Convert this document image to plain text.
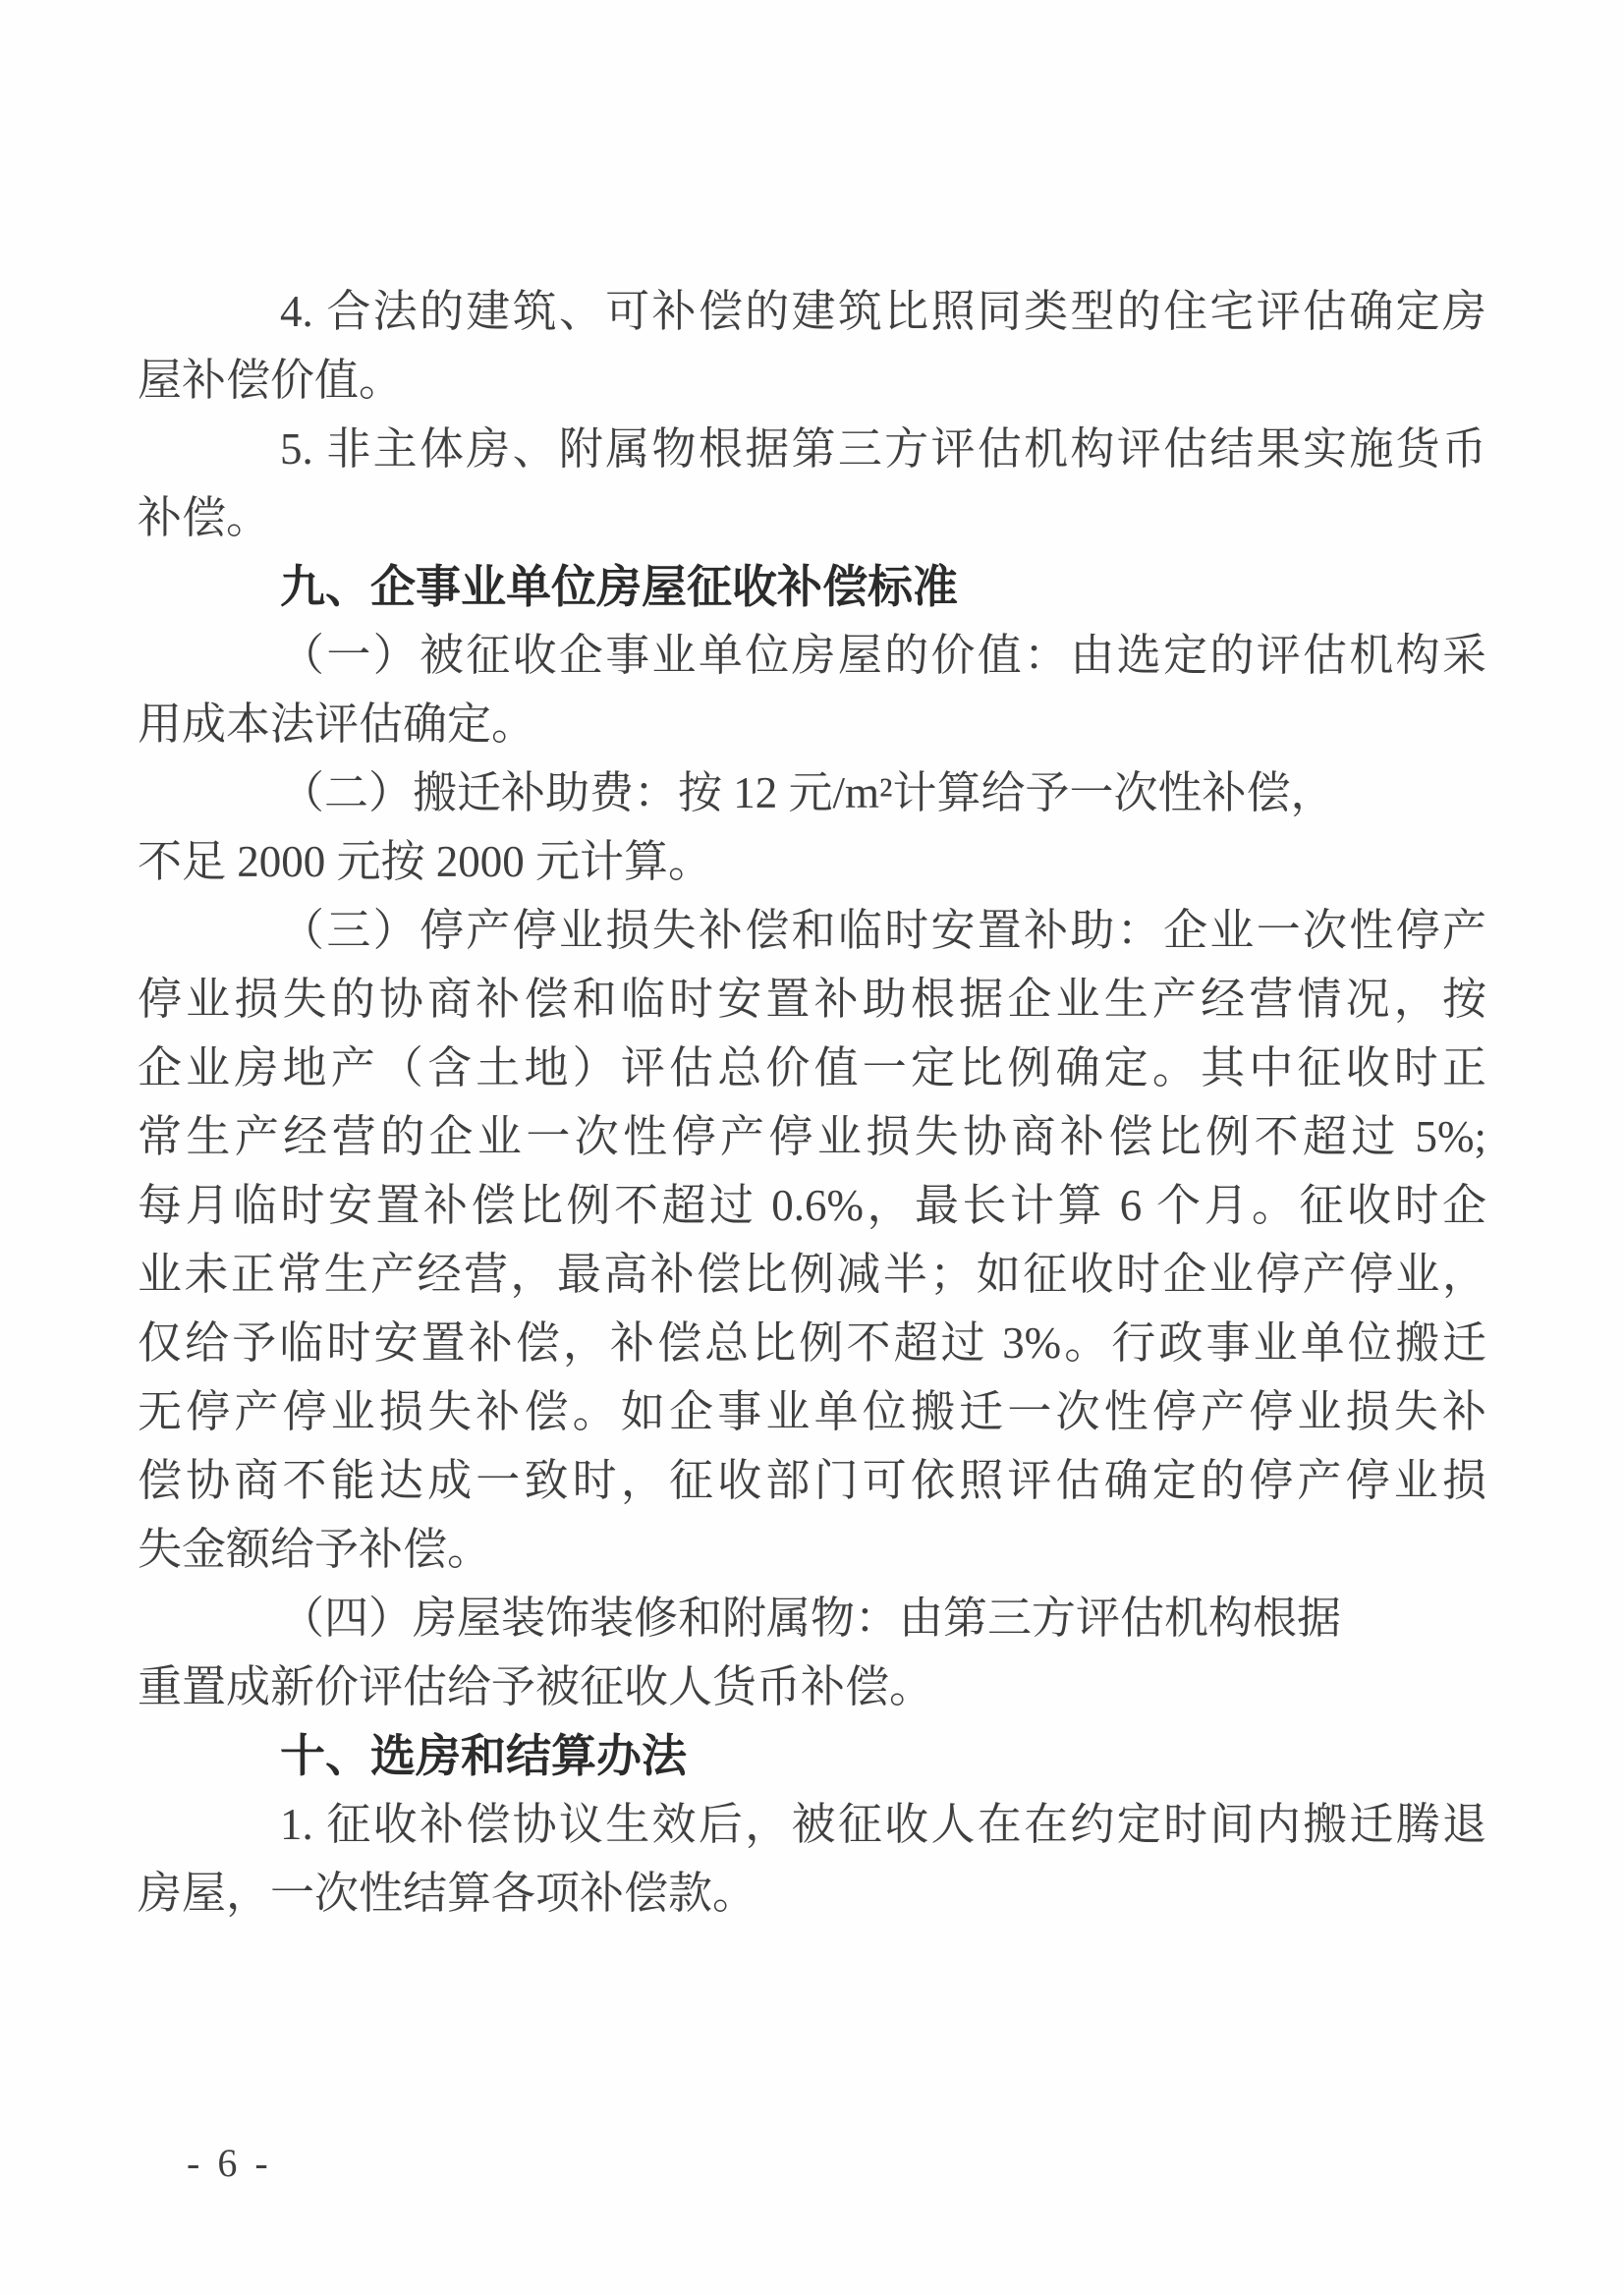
4. 合法的建筑、可补偿的建筑比照同类型的住宅评估确定房
屋补偿价值。
5. 非主体房、附属物根据第三方评估机构评估结果实施货币
补偿。
九、企事业单位房屋征收补偿标准
（一）被征收企事业单位房屋的价值：由选定的评估机构采
用成本法评估确定。
（二）搬迁补助费：按 12 元/m²计算给予一次性补偿，
不足 2000 元按 2000 元计算。
（三）停产停业损失补偿和临时安置补助：企业一次性停产
停业损失的协商补偿和临时安置补助根据企业生产经营情况，按
企业房地产（含土地）评估总价值一定比例确定。其中征收时正
常生产经营的企业一次性停产停业损失协商补偿比例不超过 5%;
每月临时安置补偿比例不超过 0.6%，最长计算 6 个月。征收时企
业未正常生产经营，最高补偿比例减半；如征收时企业停产停业，
仅给予临时安置补偿，补偿总比例不超过 3%。行政事业单位搬迁
无停产停业损失补偿。如企事业单位搬迁一次性停产停业损失补
偿协商不能达成一致时，征收部门可依照评估确定的停产停业损
失金额给予补偿。
（四）房屋装饰装修和附属物：由第三方评估机构根据
重置成新价评估给予被征收人货币补偿。
十、选房和结算办法
1. 征收补偿协议生效后，被征收人在在约定时间内搬迁腾退
房屋，一次性结算各项补偿款。
- 6 -
